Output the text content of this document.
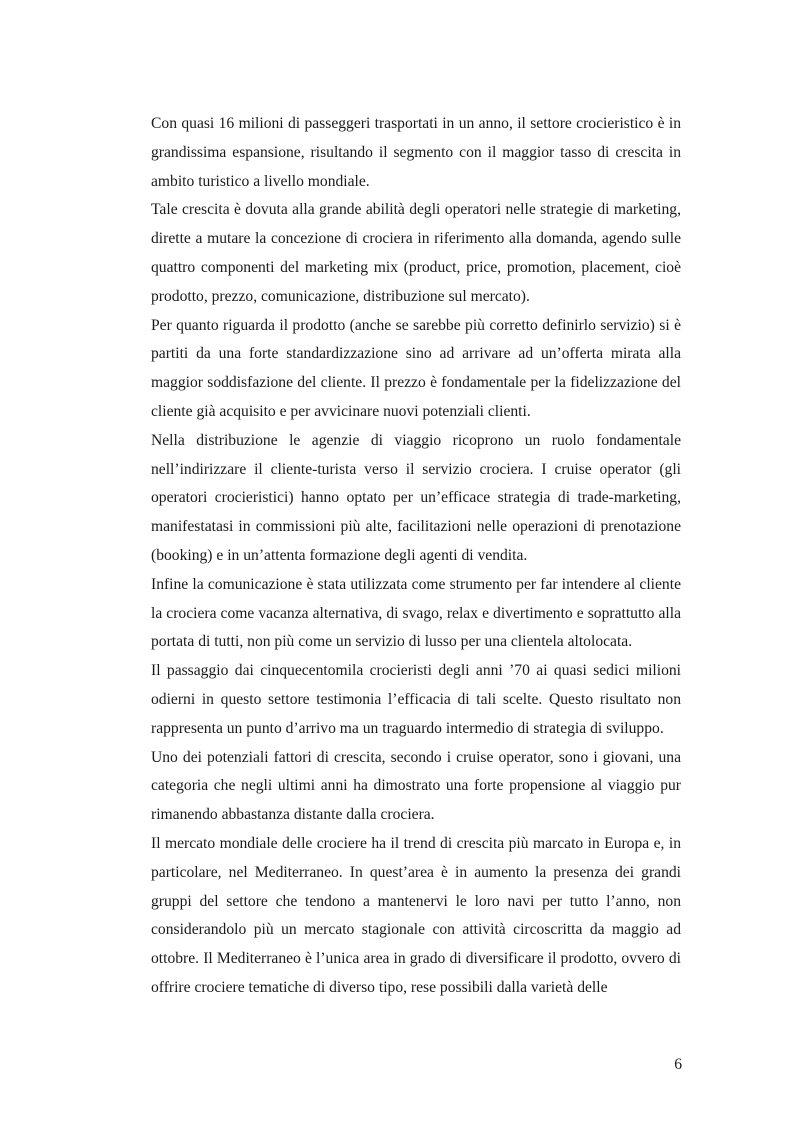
Con quasi 16 milioni di passeggeri trasportati in un anno, il settore crocieristico è in grandissima espansione, risultando il segmento con il maggior tasso di crescita in ambito turistico a livello mondiale.

Tale crescita è dovuta alla grande abilità degli operatori nelle strategie di marketing, dirette a mutare la concezione di crociera in riferimento alla domanda, agendo sulle quattro componenti del marketing mix (product, price, promotion, placement, cioè prodotto, prezzo, comunicazione, distribuzione sul mercato).

Per quanto riguarda il prodotto (anche se sarebbe più corretto definirlo servizio) si è partiti da una forte standardizzazione sino ad arrivare ad un’offerta mirata alla maggior soddisfazione del cliente. Il prezzo è fondamentale per la fidelizzazione del cliente già acquisito e per avvicinare nuovi potenziali clienti.

Nella distribuzione le agenzie di viaggio ricoprono un ruolo fondamentale nell’indirizzare il cliente-turista verso il servizio crociera. I cruise operator (gli operatori crocieristici) hanno optato per un’efficace strategia di trade-marketing, manifestatasi in commissioni più alte, facilitazioni nelle operazioni di prenotazione (booking) e in un’attenta formazione degli agenti di vendita.

Infine la comunicazione è stata utilizzata come strumento per far intendere al cliente la crociera come vacanza alternativa, di svago, relax e divertimento e soprattutto alla portata di tutti, non più come un servizio di lusso per una clientela altolocata.

Il passaggio dai cinquecentomila crocieristi degli anni ’70 ai quasi sedici milioni odierni in questo settore testimonia l’efficacia di tali scelte. Questo risultato non rappresenta un punto d’arrivo ma un traguardo intermedio di strategia di sviluppo.

Uno dei potenziali fattori di crescita, secondo i cruise operator, sono i giovani, una categoria che negli ultimi anni ha dimostrato una forte propensione al viaggio pur rimanendo abbastanza distante dalla crociera.

Il mercato mondiale delle crociere ha il trend di crescita più marcato in Europa e, in particolare, nel Mediterraneo. In quest’area è in aumento la presenza dei grandi gruppi del settore che tendono a mantenervi le loro navi per tutto l’anno, non considerandolo più un mercato stagionale con attività circoscritta da maggio ad ottobre. Il Mediterraneo è l’unica area in grado di diversificare il prodotto, ovvero di offrire crociere tematiche di diverso tipo, rese possibili dalla varietà delle

6
